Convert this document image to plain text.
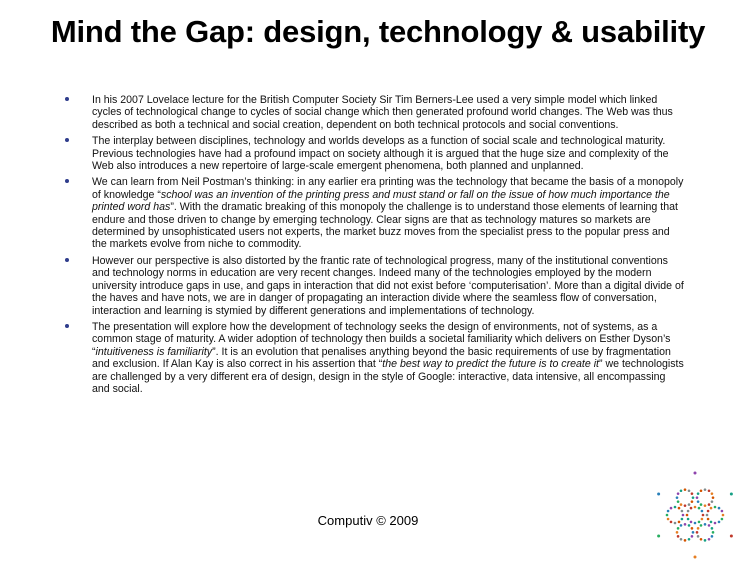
Mind the Gap: design, technology & usability
In his 2007 Lovelace lecture for the British Computer Society Sir Tim Berners-Lee used a very simple model which linked cycles of technological change to cycles of social change which then generated profound world changes. The Web was thus described as both a technical and social creation, dependent on both technical protocols and social conventions.
The interplay between disciplines, technology and worlds develops as a function of social scale and technological maturity. Previous technologies have had a profound impact on society although it is argued that the huge size and complexity of the Web also introduces a new repertoire of large-scale emergent phenomena, both planned and unplanned.
We can learn from Neil Postman’s thinking: in any earlier era printing was the technology that became the basis of a monopoly of knowledge “school was an invention of the printing press and must stand or fall on the issue of how much importance the printed word has”. With the dramatic breaking of this monopoly the challenge is to understand those elements of learning that endure and those driven to change by emerging technology. Clear signs are that as technology matures so markets are determined by unsophisticated users not experts, the market buzz moves from the specialist press to the popular press and the markets evolve from niche to commodity.
However our perspective is also distorted by the frantic rate of technological progress, many of the institutional conventions and technology norms in education are very recent changes. Indeed many of the technologies employed by the modern university introduce gaps in use, and gaps in interaction that did not exist before ‘computerisation’. More than a digital divide of the haves and have nots, we are in danger of propagating an interaction divide where the seamless flow of conversation, interaction and learning is stymied by different generations and implementations of technology.
The presentation will explore how the development of technology seeks the design of environments, not of systems, as a common stage of maturity. A wider adoption of technology then builds a societal familiarity which delivers on Esther Dyson’s “intuitiveness is familiarity”. It is an evolution that penalises anything beyond the basic requirements of use by fragmentation and exclusion. If Alan Kay is also correct in his assertion that “the best way to predict the future is to create it” we technologists are challenged by a very different era of design, design in the style of Google: interactive, data intensive, all encompassing and social.
Computiv © 2009
